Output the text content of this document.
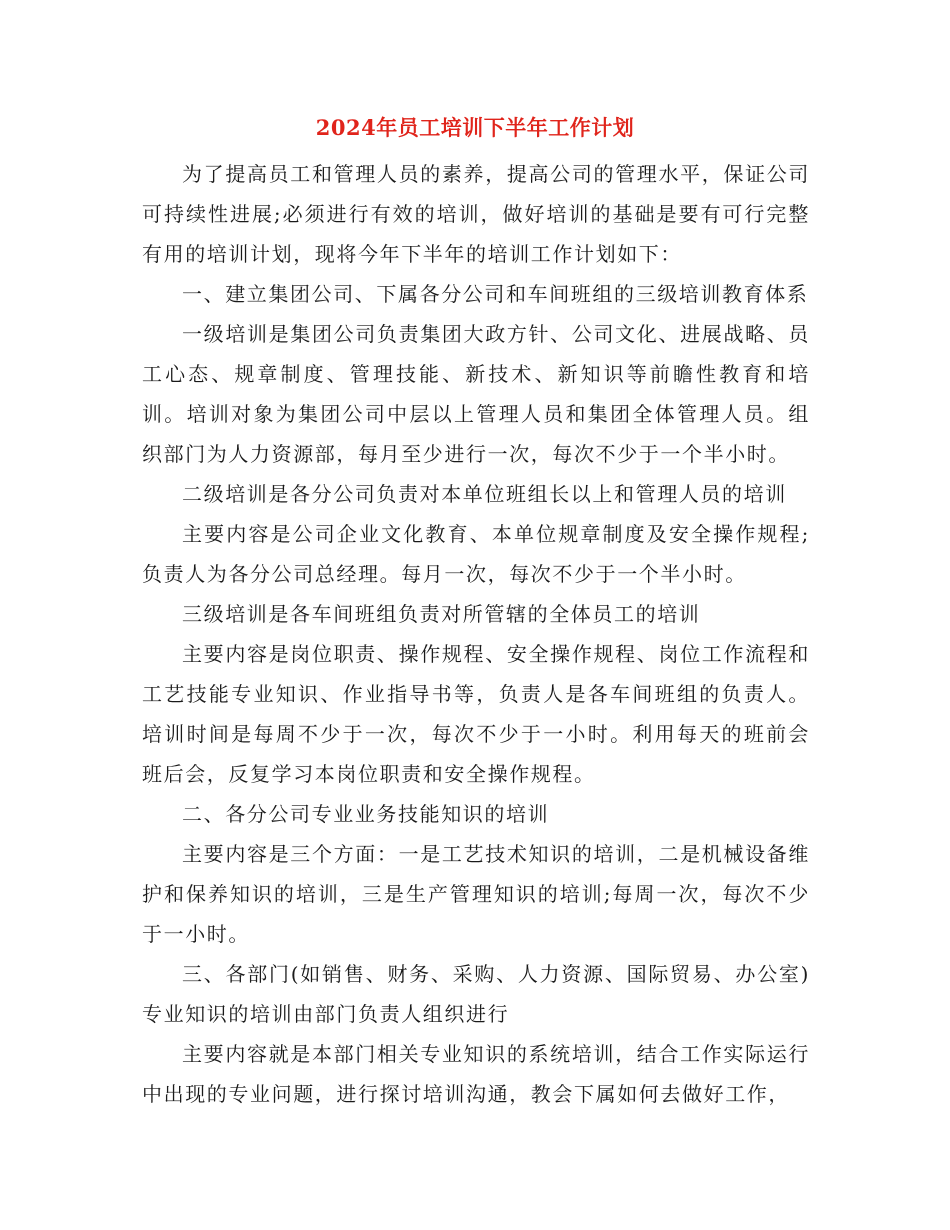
2024年员工培训下半年工作计划

为了提高员工和管理人员的素养，提高公司的管理水平，保证公司可持续性进展;必须进行有效的培训，做好培训的基础是要有可行完整有用的培训计划，现将今年下半年的培训工作计划如下：

一、建立集团公司、下属各分公司和车间班组的三级培训教育体系

一级培训是集团公司负责集团大政方针、公司文化、进展战略、员工心态、规章制度、管理技能、新技术、新知识等前瞻性教育和培训。培训对象为集团公司中层以上管理人员和集团全体管理人员。组织部门为人力资源部，每月至少进行一次，每次不少于一个半小时。

二级培训是各分公司负责对本单位班组长以上和管理人员的培训

主要内容是公司企业文化教育、本单位规章制度及安全操作规程;负责人为各分公司总经理。每月一次，每次不少于一个半小时。

三级培训是各车间班组负责对所管辖的全体员工的培训

主要内容是岗位职责、操作规程、安全操作规程、岗位工作流程和工艺技能专业知识、作业指导书等，负责人是各车间班组的负责人。培训时间是每周不少于一次，每次不少于一小时。利用每天的班前会班后会，反复学习本岗位职责和安全操作规程。

二、各分公司专业业务技能知识的培训

主要内容是三个方面：一是工艺技术知识的培训，二是机械设备维护和保养知识的培训，三是生产管理知识的培训;每周一次，每次不少于一小时。

三、各部门(如销售、财务、采购、人力资源、国际贸易、办公室)专业知识的培训由部门负责人组织进行

主要内容就是本部门相关专业知识的系统培训，结合工作实际运行中出现的专业问题，进行探讨培训沟通，教会下属如何去做好工作，
